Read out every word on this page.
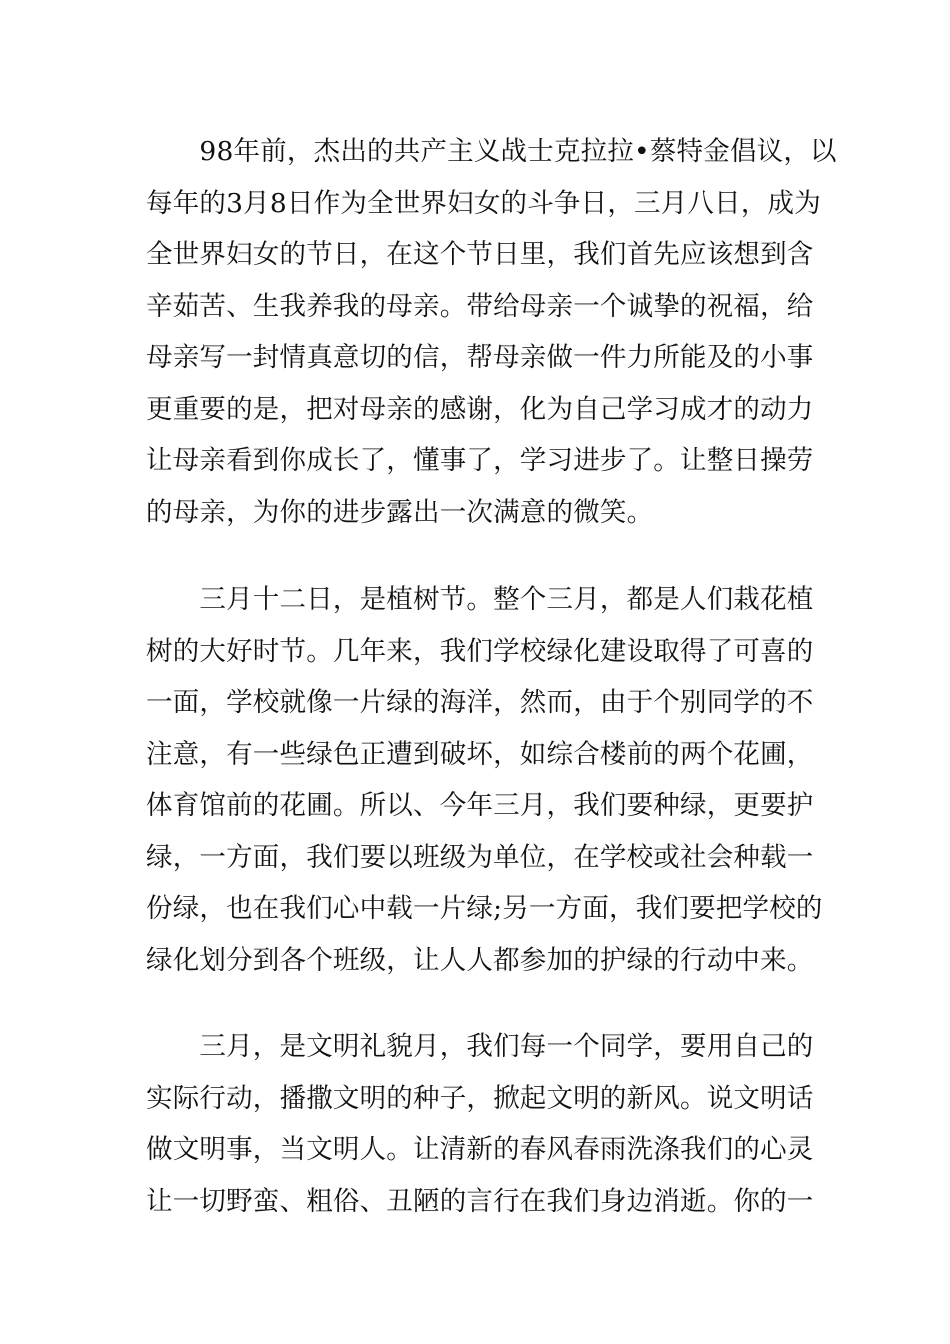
　　98年前，杰出的共产主义战士克拉拉•蔡特金倡议，以
每年的3月8日作为全世界妇女的斗争日，三月八日，成为
全世界妇女的节日，在这个节日里，我们首先应该想到含
辛茹苦、生我养我的母亲。带给母亲一个诚挚的祝福，给
母亲写一封情真意切的信，帮母亲做一件力所能及的小事
更重要的是，把对母亲的感谢，化为自己学习成才的动力
让母亲看到你成长了，懂事了，学习进步了。让整日操劳
的母亲，为你的进步露出一次满意的微笑。
　　三月十二日，是植树节。整个三月，都是人们栽花植
树的大好时节。几年来，我们学校绿化建设取得了可喜的
一面，学校就像一片绿的海洋，然而，由于个别同学的不
注意，有一些绿色正遭到破坏，如综合楼前的两个花圃，
体育馆前的花圃。所以、今年三月，我们要种绿，更要护
绿，一方面，我们要以班级为单位，在学校或社会种载一
份绿，也在我们心中载一片绿;另一方面，我们要把学校的
绿化划分到各个班级，让人人都参加的护绿的行动中来。
　　三月，是文明礼貌月，我们每一个同学，要用自己的
实际行动，播撒文明的种子，掀起文明的新风。说文明话
做文明事，当文明人。让清新的春风春雨洗涤我们的心灵
让一切野蛮、粗俗、丑陋的言行在我们身边消逝。你的一
